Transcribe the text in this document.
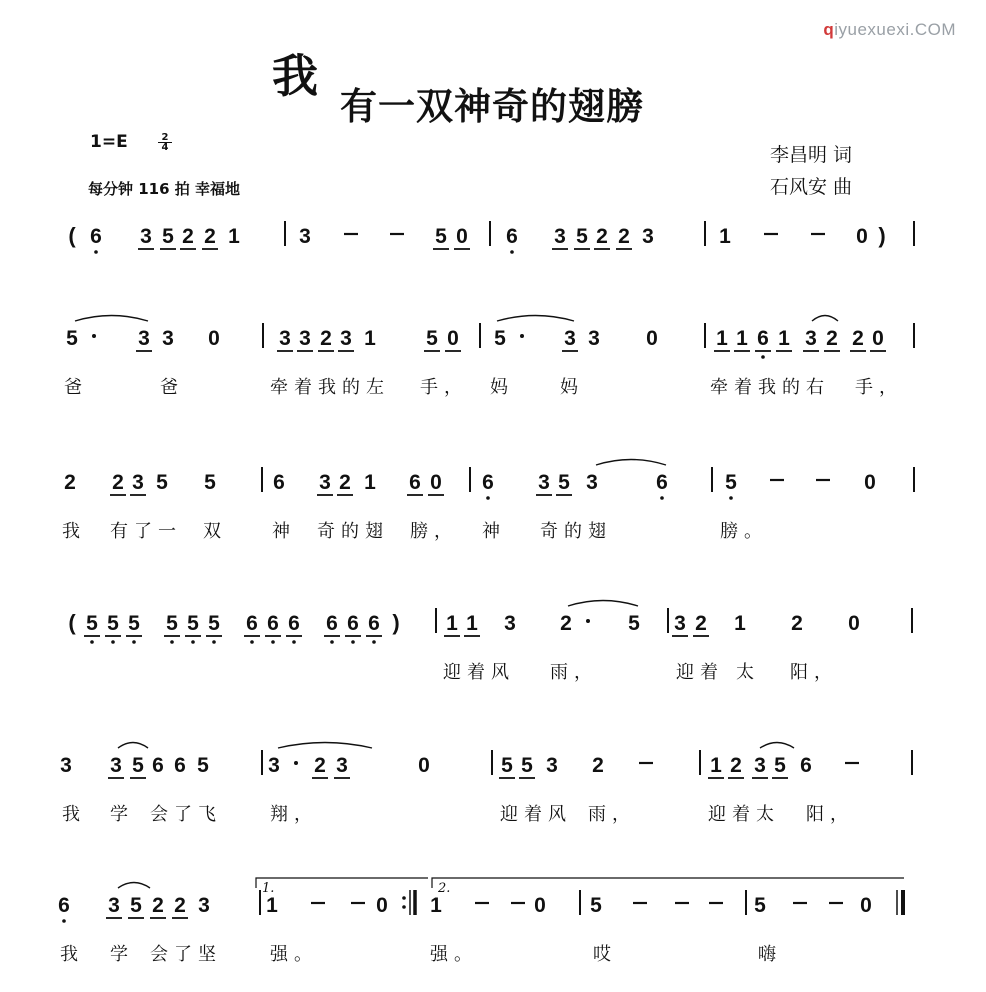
qiyuexuexi.COM
我
有一双神奇的翅膀
1=E	2
4
每分钟 116 拍 幸福地
李昌明 词
石风安 曲
( 6 3 5 2 2 1	3	5 0 6 3 5 2 2 3	1	0 )
5	3 3 0	3 3 2 3 1 5 0 5	3 3 0	1 1 6 1 3 2 2 0
爸	爸	牵着我的左 手， 妈	妈	牵着我的右 手，
2 2 3 5 5	6 3 2 1 6 0 6 3 5 3	6	5	0
我 有了一 双	神 奇的翅 膀， 神 奇的翅	膀。
( 5 5 5 5 5 5 6 6 6 6 6 6 ) 1 1 3 2	5 3 2 1 2 0
迎着风 雨，	迎着 太 阳，
3 3 5 6 6 5	3 2 3	0	5 5 3 2	1 2 3 5 6
我 学 会了飞	翔，	迎着风 雨，	迎着太 阳，
6 3 5 2 2 3	1	0 1	0 5	5	0
我 学 会了坚	强。	强。	哎	嗨
1.	2.
